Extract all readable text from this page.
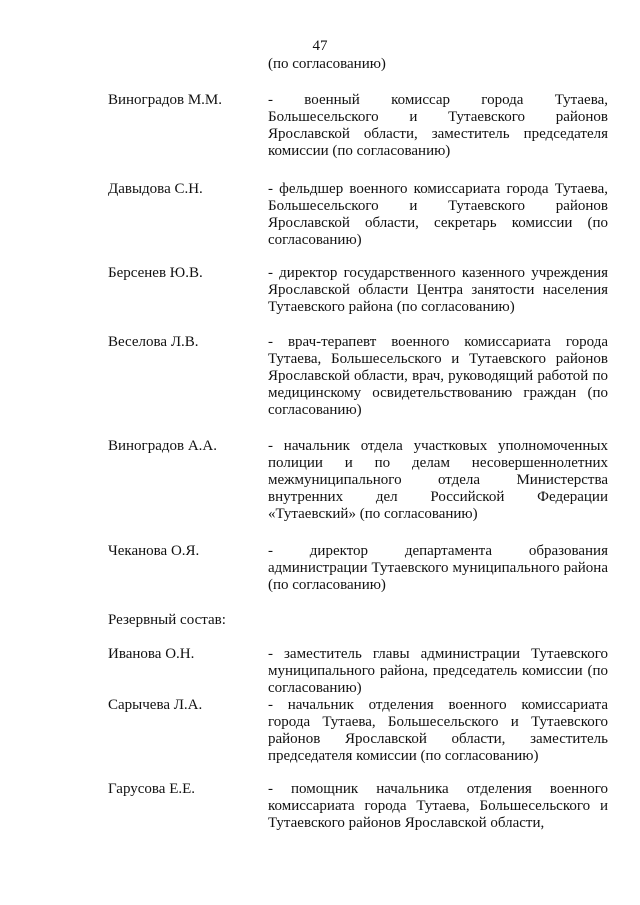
47
(по согласованию)
Виноградов М.М.	- военный комиссар города Тутаева, Большесельского и Тутаевского районов Ярославской области, заместитель председателя комиссии (по согласованию)
Давыдова С.Н.	- фельдшер военного комиссариата города Тутаева, Большесельского и Тутаевского районов Ярославской области, секретарь комиссии (по согласованию)
Берсенев Ю.В.	- директор государственного казенного учреждения Ярославской области Центра занятости населения Тутаевского района (по согласованию)
Веселова Л.В.	- врач-терапевт военного комиссариата города Тутаева, Большесельского и Тутаевского районов Ярославской области, врач, руководящий работой по медицинскому освидетельствованию граждан (по согласованию)
Виноградов А.А.	- начальник отдела участковых уполномоченных полиции и по делам несовершеннолетних межмуниципального отдела Министерства внутренних дел Российской Федерации «Тутаевский» (по согласованию)
Чеканова О.Я.	- директор департамента образования администрации Тутаевского муниципального района (по согласованию)
Резервный состав:
Иванова О.Н.	- заместитель главы администрации Тутаевского муниципального района, председатель комиссии (по согласованию)
Сарычева Л.А.	- начальник отделения военного комиссариата города Тутаева, Большесельского и Тутаевского районов Ярославской области, заместитель председателя комиссии (по согласованию)
Гарусова Е.Е.	- помощник начальника отделения военного комиссариата города Тутаева, Большесельского и Тутаевского районов Ярославской области,
